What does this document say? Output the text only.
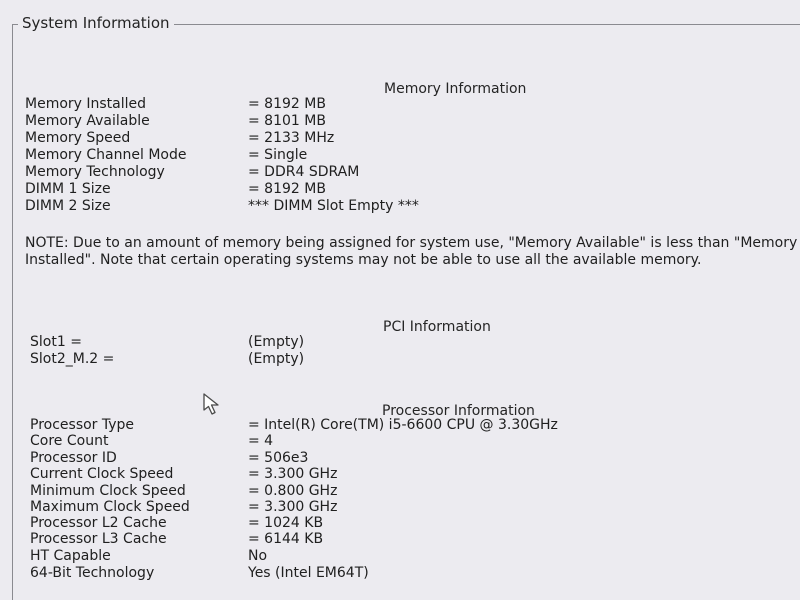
System Information
Memory Information
Memory Installed	= 8192 MB
Memory Available	= 8101 MB
Memory Speed	= 2133 MHz
Memory Channel Mode	= Single
Memory Technology	= DDR4 SDRAM
DIMM 1 Size	= 8192 MB
DIMM 2 Size	*** DIMM Slot Empty ***
NOTE: Due to an amount of memory being assigned for system use, "Memory Available" is less than "Memory Installed". Note that certain operating systems may not be able to use all the available memory.
PCI Information
Slot1 =	(Empty)
Slot2_M.2 =	(Empty)
Processor Information
Processor Type	= Intel(R) Core(TM) i5-6600 CPU @ 3.30GHz
Core Count	= 4
Processor ID	= 506e3
Current Clock Speed	= 3.300 GHz
Minimum Clock Speed	= 0.800 GHz
Maximum Clock Speed	= 3.300 GHz
Processor L2 Cache	= 1024 KB
Processor L3 Cache	= 6144 KB
HT Capable	No
64-Bit Technology	Yes (Intel EM64T)
